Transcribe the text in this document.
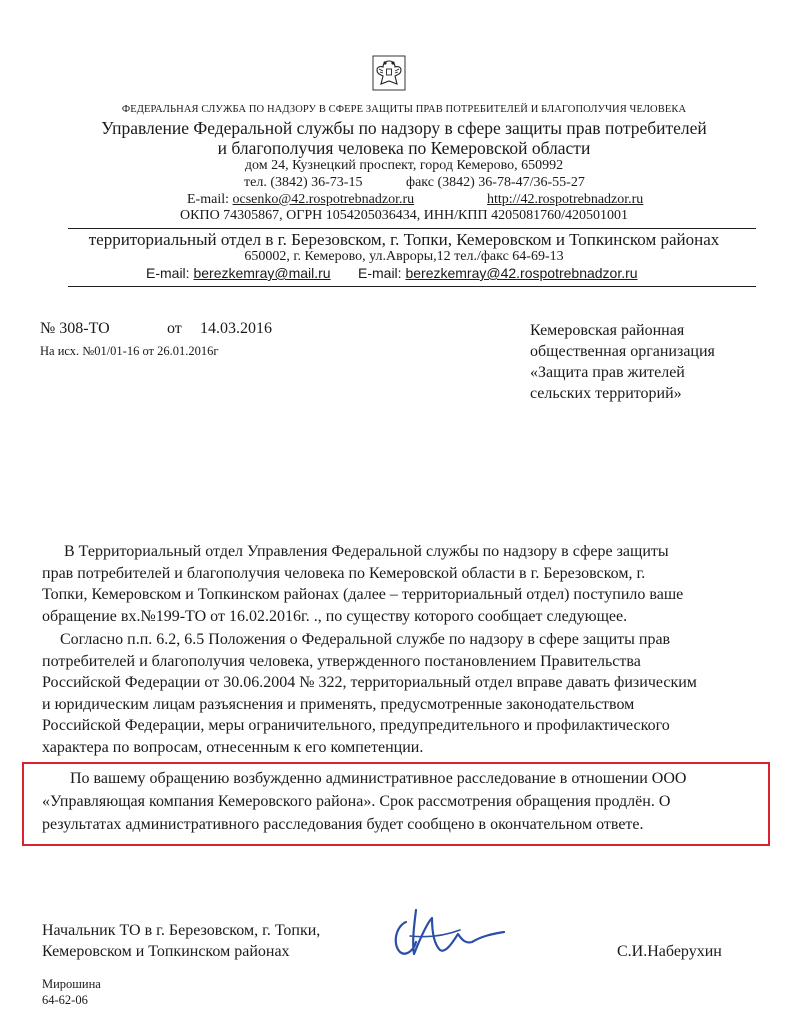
ФЕДЕРАЛЬНАЯ СЛУЖБА ПО НАДЗОРУ В СФЕРЕ ЗАЩИТЫ ПРАВ ПОТРЕБИТЕЛЕЙ И БЛАГОПОЛУЧИЯ ЧЕЛОВЕКА
Управление Федеральной службы по надзору в сфере защиты прав потребителей
и благополучия человека по Кемеровской области
дом 24, Кузнецкий проспект, город Кемерово, 650992
тел. (3842) 36-73-15	факс (3842) 36-78-47/36-55-27
E-mail: ocsenko@42.rospotrebnadzor.ru	http://42.rospotrebnadzor.ru
ОКПО 74305867, ОГРН 1054205036434, ИНН/КПП 4205081760/420501001
территориальный отдел в г. Березовском, г. Топки, Кемеровском и Топкинском районах
650002, г. Кемерово, ул.Авроры,12 тел./факс 64-69-13
E-mail: berezkemray@mail.ru E-mail: berezkemray@42.rospotrebnadzor.ru
№ 308-ТО	от 14.03.2016
На исх. №01/01-16 от 26.01.2016г
Кемеровская районная
общественная организация
«Защита прав жителей
сельских территорий»
В Территориальный отдел Управления Федеральной службы по надзору в сфере защиты
прав потребителей и благополучия человека по Кемеровской области в г. Березовском, г.
Топки, Кемеровском и Топкинском районах (далее – территориальный отдел) поступило ваше
обращение вх.№199-ТО от 16.02.2016г. ., по существу которого сообщает следующее.
Согласно п.п. 6.2, 6.5 Положения о Федеральной службе по надзору в сфере защиты прав
потребителей и благополучия человека, утвержденного постановлением Правительства
Российской Федерации от 30.06.2004 № 322, территориальный отдел вправе давать физическим
и юридическим лицам разъяснения и применять, предусмотренные законодательством
Российской Федерации, меры ограничительного, предупредительного и профилактического
характера по вопросам, отнесенным к его компетенции.
По вашему обращению возбужденно административное расследование в отношении ООО
«Управляющая компания Кемеровского района». Срок рассмотрения обращения продлён. О
результатах административного расследования будет сообщено в окончательном ответе.
Начальник ТО в г. Березовском, г. Топки,
Кемеровском и Топкинском районах	С.И.Наберухин
Мирошина
64-62-06
